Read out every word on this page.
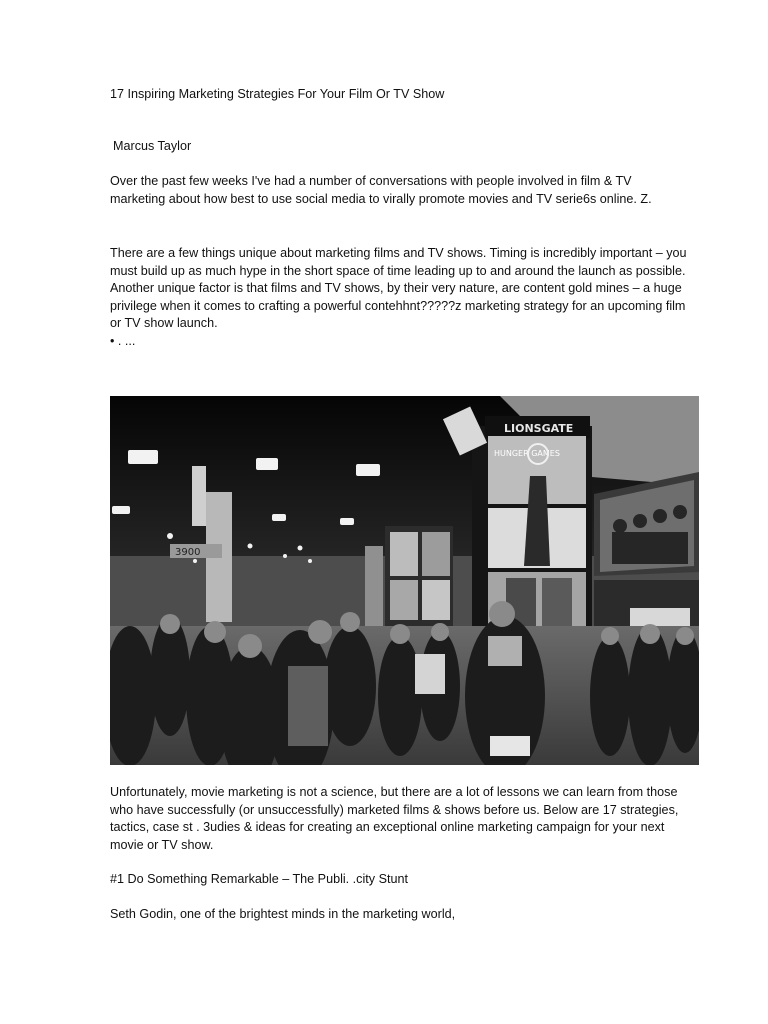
17 Inspiring Marketing Strategies For Your Film Or TV Show

Marcus Taylor

Over the past few weeks I've had a number of conversations with people involved in film & TV marketing about how best to use social media to virally promote movies and TV serie6s online. Z.

There are a few things unique about marketing films and TV shows. Timing is incredibly important – you must build up as much hype in the short space of time leading up to and around the launch as possible. Another unique factor is that films and TV shows, by their very nature, are content gold mines – a huge privilege when it comes to crafting a powerful contehhnt?????z marketing strategy for an upcoming film or TV show launch.

• . ...

3900
LIONSGATE
HUNGER GAMES

Unfortunately, movie marketing is not a science, but there are a lot of lessons we can learn from those who have successfully (or unsuccessfully) marketed films & shows before us. Below are 17 strategies, tactics, case st . 3udies & ideas for creating an exceptional online marketing campaign for your next movie or TV show.

#1 Do Something Remarkable – The Publi. .city Stunt

Seth Godin, one of the brightest minds in the marketing world,
